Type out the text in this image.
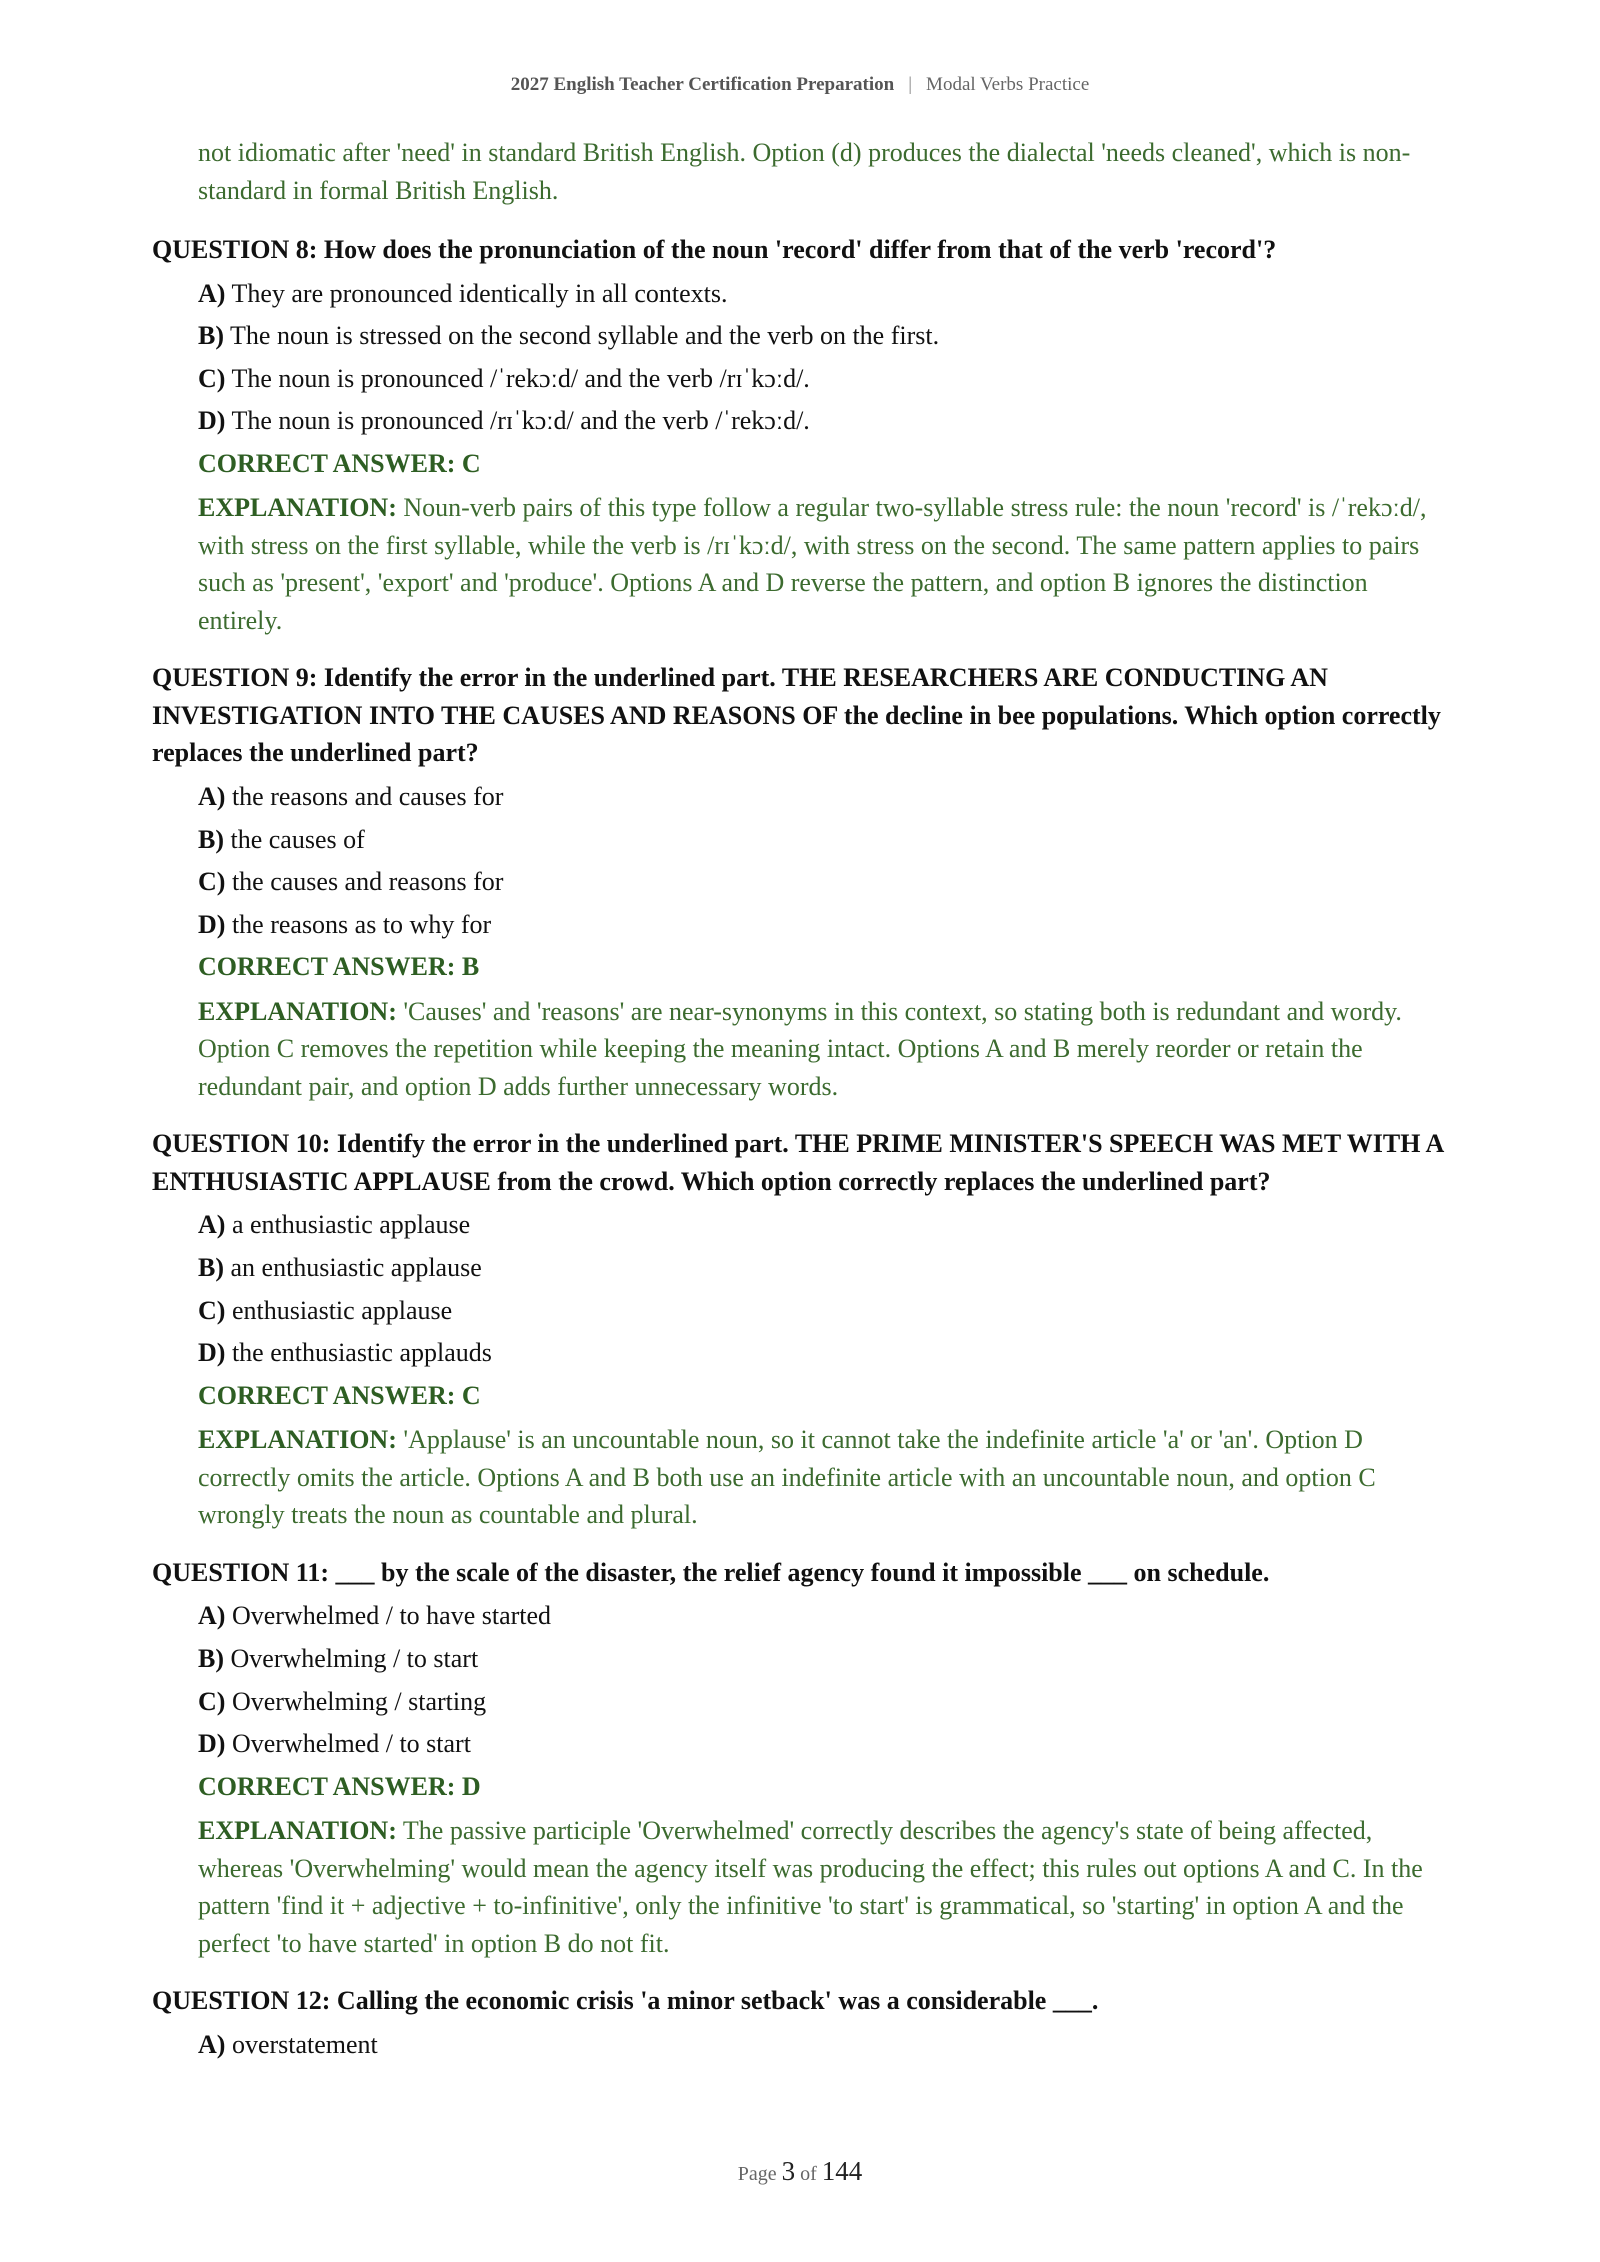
2027 English Teacher Certification Preparation | Modal Verbs Practice
not idiomatic after 'need' in standard British English. Option (d) produces the dialectal 'needs cleaned', which is non-standard in formal British English.
QUESTION 8: How does the pronunciation of the noun 'record' differ from that of the verb 'record'?
A) They are pronounced identically in all contexts.
B) The noun is stressed on the second syllable and the verb on the first.
C) The noun is pronounced /ˈrekɔːd/ and the verb /rɪˈkɔːd/.
D) The noun is pronounced /rɪˈkɔːd/ and the verb /ˈrekɔːd/.
CORRECT ANSWER: C
EXPLANATION: Noun-verb pairs of this type follow a regular two-syllable stress rule: the noun 'record' is /ˈrekɔːd/, with stress on the first syllable, while the verb is /rɪˈkɔːd/, with stress on the second. The same pattern applies to pairs such as 'present', 'export' and 'produce'. Options A and D reverse the pattern, and option B ignores the distinction entirely.
QUESTION 9: Identify the error in the underlined part. THE RESEARCHERS ARE CONDUCTING AN INVESTIGATION INTO THE CAUSES AND REASONS OF the decline in bee populations. Which option correctly replaces the underlined part?
A) the reasons and causes for
B) the causes of
C) the causes and reasons for
D) the reasons as to why for
CORRECT ANSWER: B
EXPLANATION: 'Causes' and 'reasons' are near-synonyms in this context, so stating both is redundant and wordy. Option C removes the repetition while keeping the meaning intact. Options A and B merely reorder or retain the redundant pair, and option D adds further unnecessary words.
QUESTION 10: Identify the error in the underlined part. THE PRIME MINISTER'S SPEECH WAS MET WITH A ENTHUSIASTIC APPLAUSE from the crowd. Which option correctly replaces the underlined part?
A) a enthusiastic applause
B) an enthusiastic applause
C) enthusiastic applause
D) the enthusiastic applauds
CORRECT ANSWER: C
EXPLANATION: 'Applause' is an uncountable noun, so it cannot take the indefinite article 'a' or 'an'. Option D correctly omits the article. Options A and B both use an indefinite article with an uncountable noun, and option C wrongly treats the noun as countable and plural.
QUESTION 11: ___ by the scale of the disaster, the relief agency found it impossible ___ on schedule.
A) Overwhelmed / to have started
B) Overwhelming / to start
C) Overwhelming / starting
D) Overwhelmed / to start
CORRECT ANSWER: D
EXPLANATION: The passive participle 'Overwhelmed' correctly describes the agency's state of being affected, whereas 'Overwhelming' would mean the agency itself was producing the effect; this rules out options A and C. In the pattern 'find it + adjective + to-infinitive', only the infinitive 'to start' is grammatical, so 'starting' in option A and the perfect 'to have started' in option B do not fit.
QUESTION 12: Calling the economic crisis 'a minor setback' was a considerable ___.
A) overstatement
Page 3 of 144
